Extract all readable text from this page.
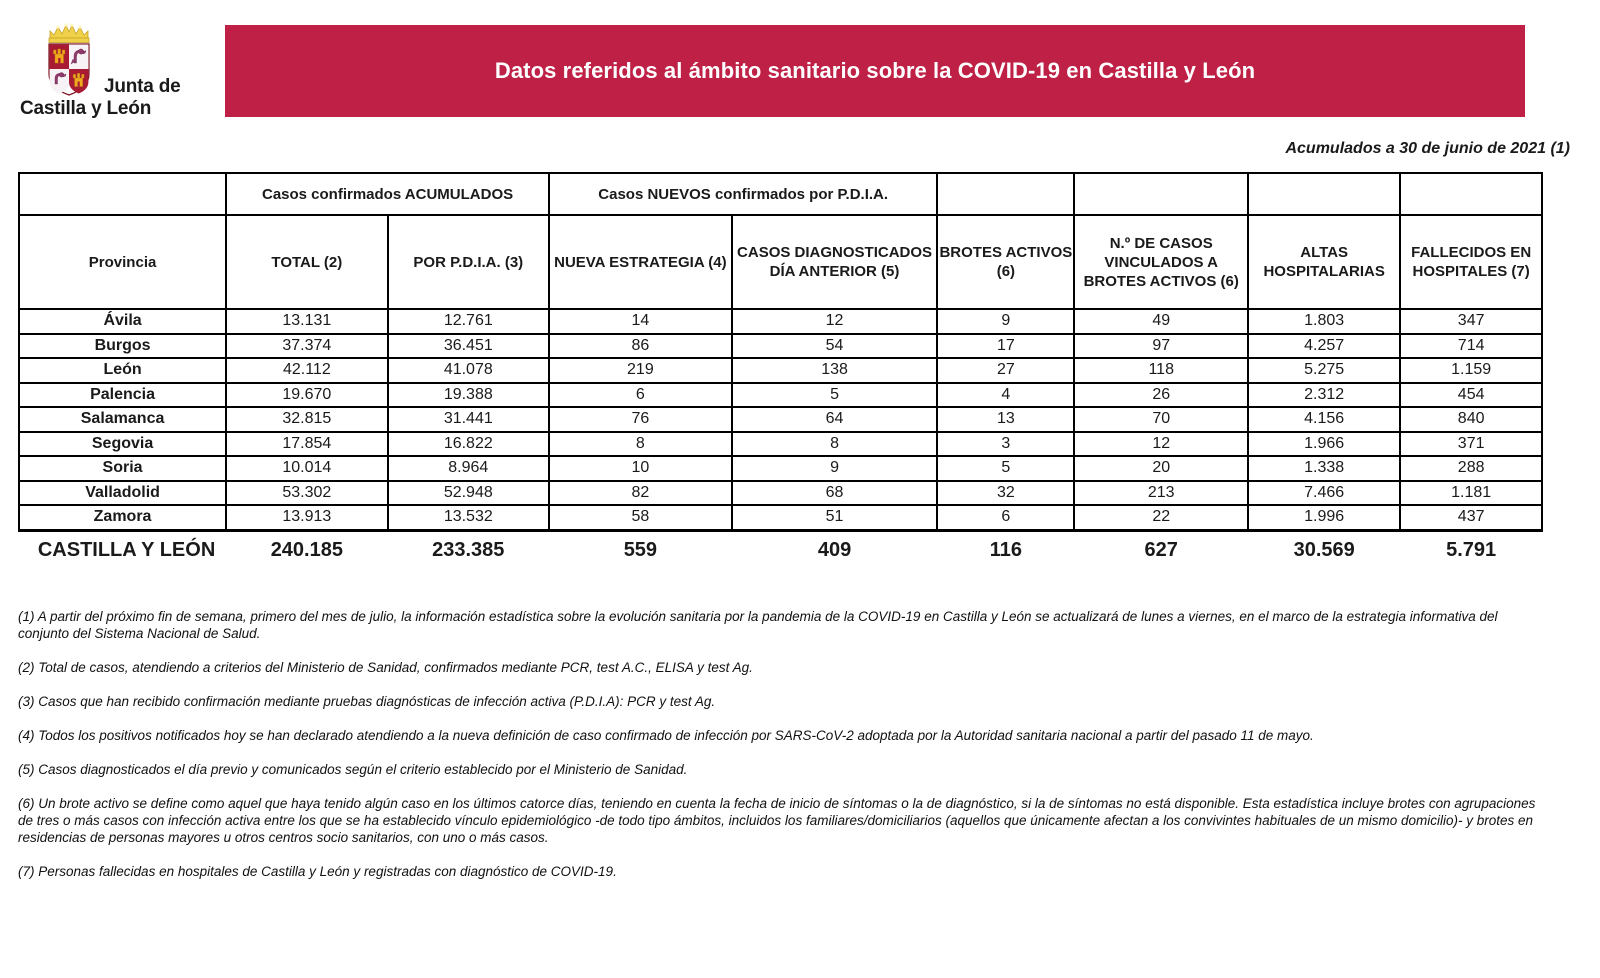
Junta de
Castilla y León
Datos referidos al ámbito sanitario sobre la COVID-19 en Castilla y León
Acumulados a 30 de junio de 2021 (1)
	Casos confirmados ACUMULADOS		Casos NUEVOS confirmados por P.D.I.A.					
Provincia	TOTAL (2)	POR P.D.I.A. (3)	NUEVA ESTRATEGIA (4)	CASOS DIAGNOSTICADOS DÍA ANTERIOR (5)	BROTES ACTIVOS (6)	N.º DE CASOS VINCULADOS A BROTES ACTIVOS (6)	ALTAS HOSPITALARIAS	FALLECIDOS EN HOSPITALES (7)
Ávila	13.131	12.761	14	12	9	49	1.803	347
Burgos	37.374	36.451	86	54	17	97	4.257	714
León	42.112	41.078	219	138	27	118	5.275	1.159
Palencia	19.670	19.388	6	5	4	26	2.312	454
Salamanca	32.815	31.441	76	64	13	70	4.156	840
Segovia	17.854	16.822	8	8	3	12	1.966	371
Soria	10.014	8.964	10	9	5	20	1.338	288
Valladolid	53.302	52.948	82	68	32	213	7.466	1.181
Zamora	13.913	13.532	58	51	6	22	1.996	437
CASTILLA Y LEÓN	240.185	233.385	559	409	116	627	30.569	5.791
(1) A partir del próximo fin de semana, primero del mes de julio, la información estadística sobre la evolución sanitaria por la pandemia de la COVID-19 en Castilla y León se actualizará de lunes a viernes, en el marco de la estrategia informativa del conjunto del Sistema Nacional de Salud.
(2) Total de casos, atendiendo a criterios del Ministerio de Sanidad, confirmados mediante PCR, test A.C., ELISA y test Ag.
(3) Casos que han recibido confirmación mediante pruebas diagnósticas de infección activa (P.D.I.A): PCR y test Ag.
(4) Todos los positivos notificados hoy se han declarado atendiendo a la nueva definición de caso confirmado de infección por SARS-CoV-2 adoptada por la Autoridad sanitaria nacional a partir del pasado 11 de mayo.
(5) Casos diagnosticados el día previo y comunicados según el criterio establecido por el Ministerio de Sanidad.
(6) Un brote activo se define como aquel que haya tenido algún caso en los últimos catorce días, teniendo en cuenta la fecha de inicio de síntomas o la de diagnóstico, si la de síntomas no está disponible. Esta estadística incluye brotes con agrupaciones de tres o más casos con infección activa entre los que se ha establecido vínculo epidemiológico -de todo tipo ámbitos, incluidos los familiares/domiciliarios (aquellos que únicamente afectan a los convivintes habituales de un mismo domicilio)- y brotes en residencias de personas mayores u otros centros socio sanitarios, con uno o más casos.
(7) Personas fallecidas en hospitales de Castilla y León y registradas con diagnóstico de COVID-19.
